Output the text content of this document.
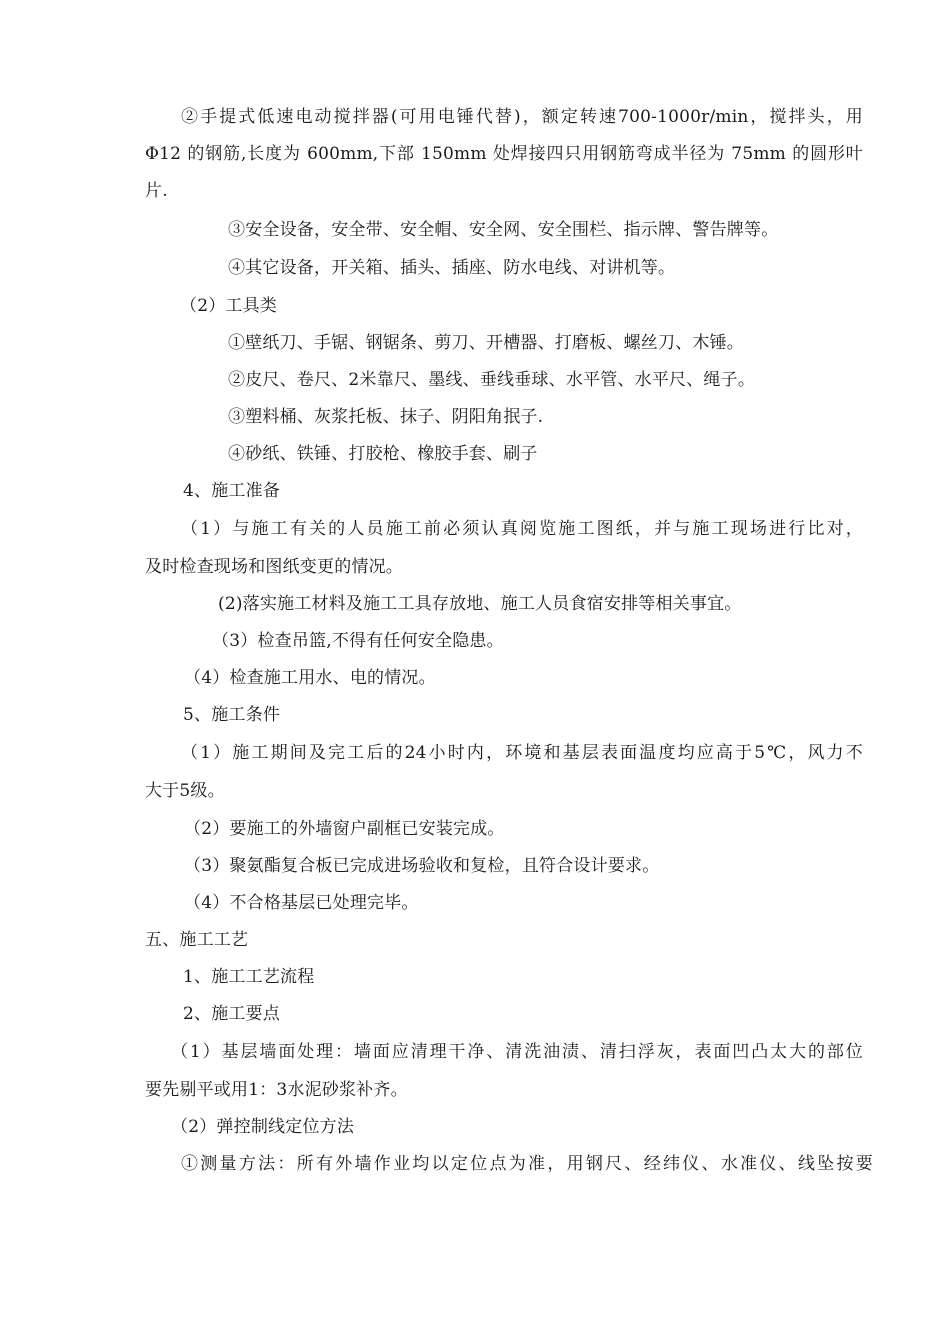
②手提式低速电动搅拌器(可用电锤代替)，额定转速700-1000r/min，搅拌头，用
Φ12 的钢筋,长度为 600mm,下部 150mm 处焊接四只用钢筋弯成半径为 75mm 的圆形叶
片.
③安全设备，安全带、安全帽、安全网、安全围栏、指示牌、警告牌等。
④其它设备，开关箱、插头、插座、防水电线、对讲机等。
（2）工具类
①壁纸刀、手锯、钢锯条、剪刀、开槽器、打磨板、螺丝刀、木锤。
②皮尺、卷尺、2米靠尺、墨线、垂线垂球、水平管、水平尺、绳子。
③塑料桶、灰浆托板、抹子、阴阳角抿子.
④砂纸、铁锤、打胶枪、橡胶手套、刷子
4、施工准备
（1）与施工有关的人员施工前必须认真阅览施工图纸，并与施工现场进行比对，
及时检查现场和图纸变更的情况。
(2)落实施工材料及施工工具存放地、施工人员食宿安排等相关事宜。
（3）检查吊篮,不得有任何安全隐患。
（4）检查施工用水、电的情况。
5、施工条件
（1）施工期间及完工后的24小时内，环境和基层表面温度均应高于5℃，风力不
大于5级。
（2）要施工的外墙窗户副框已安装完成。
（3）聚氨酯复合板已完成进场验收和复检，且符合设计要求。
（4）不合格基层已处理完毕。
五、施工工艺
1、施工工艺流程
2、施工要点
（1）基层墙面处理：墙面应清理干净、清洗油渍、清扫浮灰，表面凹凸太大的部位
要先剔平或用1：3水泥砂浆补齐。
（2）弹控制线定位方法
①测量方法：所有外墙作业均以定位点为准，用钢尺、经纬仪、水准仪、线坠按要
